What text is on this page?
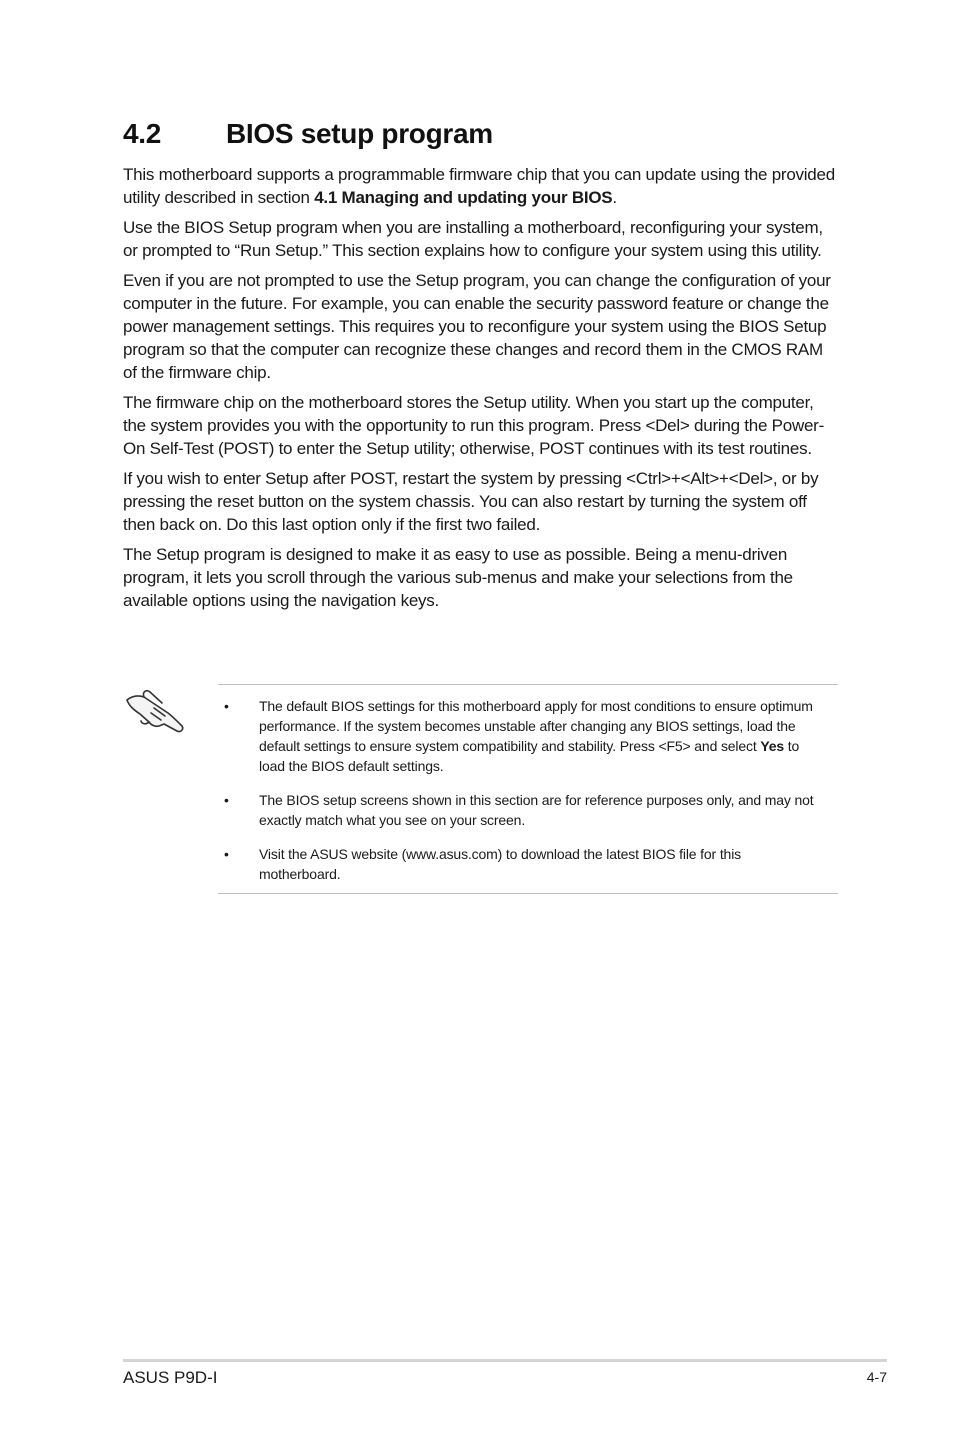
4.2 BIOS setup program

This motherboard supports a programmable firmware chip that you can update using the provided utility described in section 4.1 Managing and updating your BIOS.

Use the BIOS Setup program when you are installing a motherboard, reconfiguring your system, or prompted to “Run Setup.” This section explains how to configure your system using this utility.

Even if you are not prompted to use the Setup program, you can change the configuration of your computer in the future. For example, you can enable the security password feature or change the power management settings. This requires you to reconfigure your system using the BIOS Setup program so that the computer can recognize these changes and record them in the CMOS RAM of the firmware chip.

The firmware chip on the motherboard stores the Setup utility. When you start up the computer, the system provides you with the opportunity to run this program. Press <Del> during the Power-On Self-Test (POST) to enter the Setup utility; otherwise, POST continues with its test routines.

If you wish to enter Setup after POST, restart the system by pressing <Ctrl>+<Alt>+<Del>, or by pressing the reset button on the system chassis. You can also restart by turning the system off then back on. Do this last option only if the first two failed.

The Setup program is designed to make it as easy to use as possible. Being a menu-driven program, it lets you scroll through the various sub-menus and make your selections from the available options using the navigation keys.

• The default BIOS settings for this motherboard apply for most conditions to ensure optimum performance. If the system becomes unstable after changing any BIOS settings, load the default settings to ensure system compatibility and stability. Press <F5> and select Yes to load the BIOS default settings.
• The BIOS setup screens shown in this section are for reference purposes only, and may not exactly match what you see on your screen.
• Visit the ASUS website (www.asus.com) to download the latest BIOS file for this motherboard.
ASUS P9D-I	4-7
